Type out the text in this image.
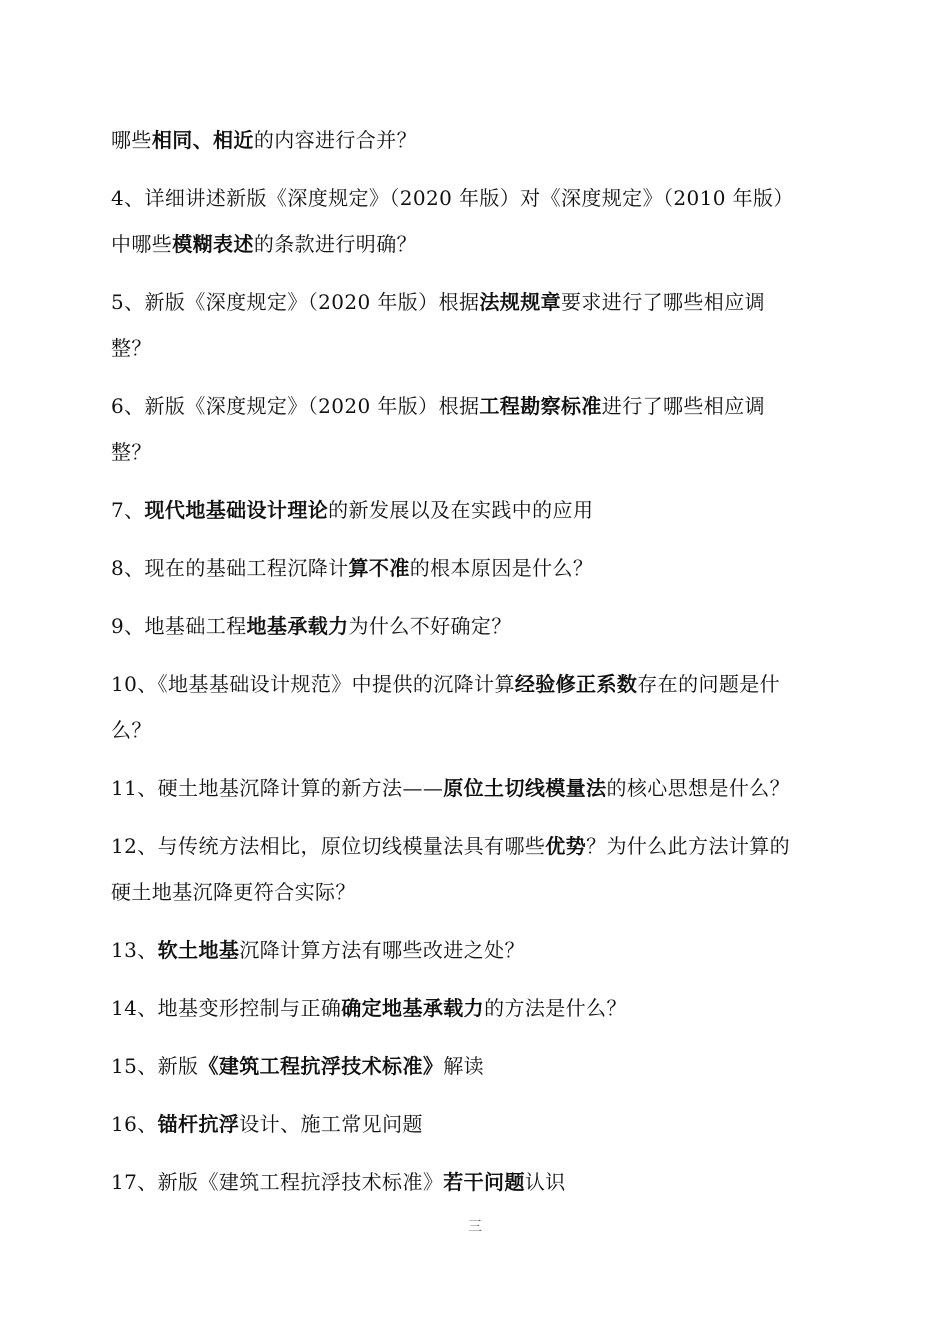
哪些相同、相近的内容进行合并？
4、详细讲述新版《深度规定》（2020 年版）对《深度规定》（2010 年版）
中哪些模糊表述的条款进行明确？
5、新版《深度规定》（2020 年版）根据法规规章要求进行了哪些相应调
整？
6、新版《深度规定》（2020 年版）根据工程勘察标准进行了哪些相应调
整？
7、现代地基础设计理论的新发展以及在实践中的应用
8、现在的基础工程沉降计算不准的根本原因是什么？
9、地基础工程地基承载力为什么不好确定？
10、《地基基础设计规范》中提供的沉降计算经验修正系数存在的问题是什
么？
11、硬土地基沉降计算的新方法——原位土切线模量法的核心思想是什么？
12、与传统方法相比，原位切线模量法具有哪些优势？为什么此方法计算的
硬土地基沉降更符合实际？
13、软土地基沉降计算方法有哪些改进之处？
14、地基变形控制与正确确定地基承载力的方法是什么？
15、新版《建筑工程抗浮技术标准》解读
16、锚杆抗浮设计、施工常见问题
17、新版《建筑工程抗浮技术标准》若干问题认识
三
